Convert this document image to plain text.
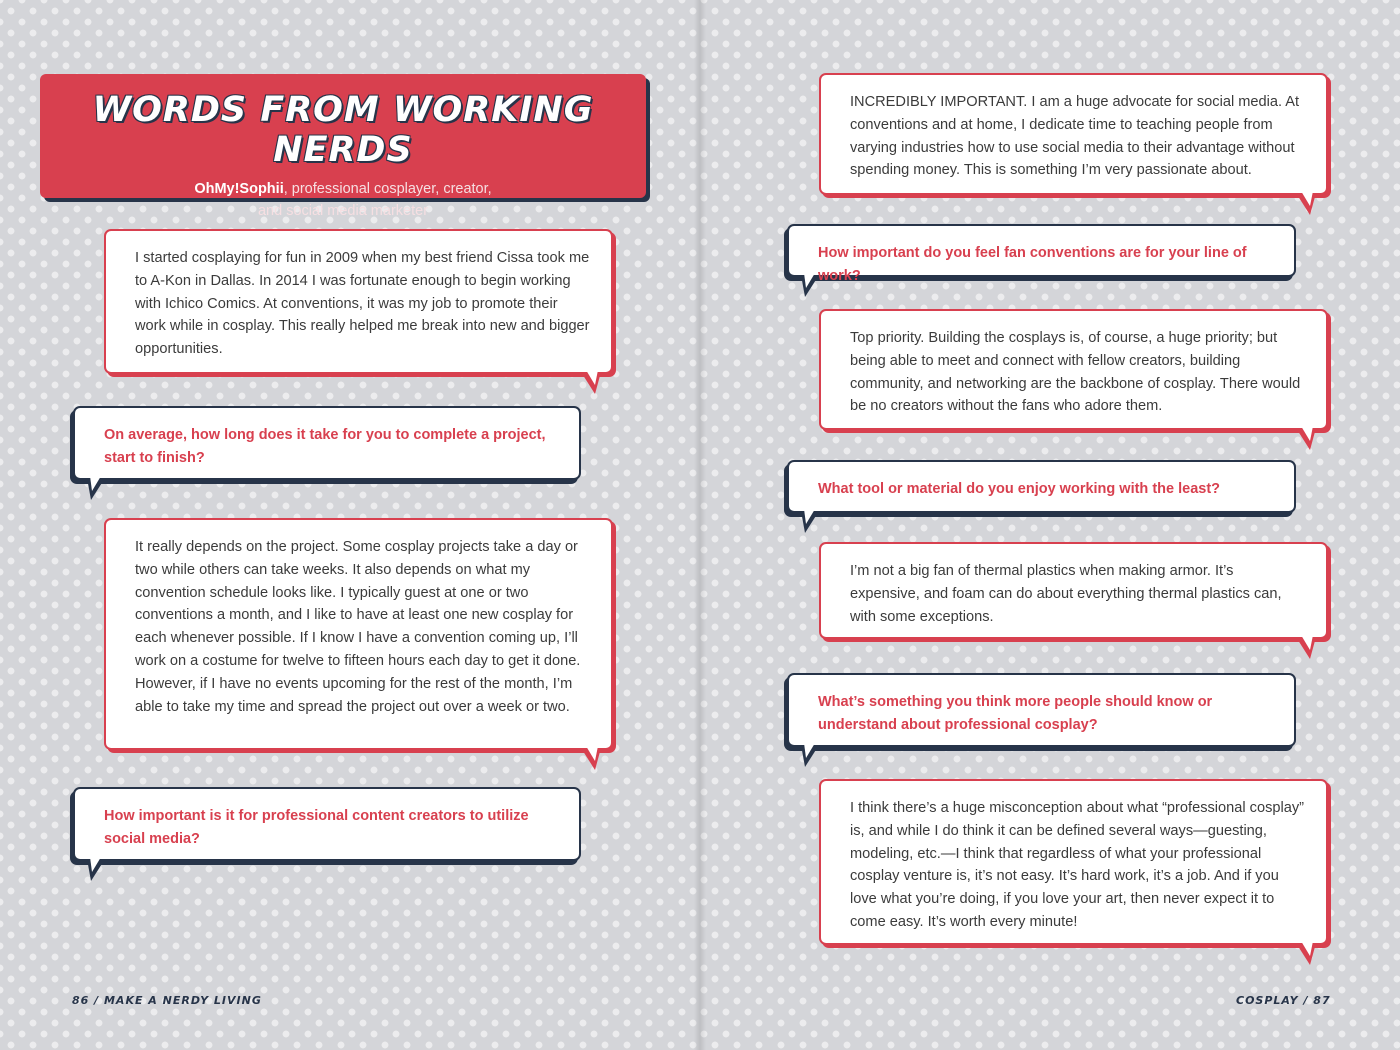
WORDS FROM WORKING NERDS
OhMy!Sophii, professional cosplayer, creator,
and social media marketer
I started cosplaying for fun in 2009 when my best friend Cissa took me to A-Kon in Dallas. In 2014 I was fortunate enough to begin working with Ichico Comics. At conventions, it was my job to promote their work while in cosplay. This really helped me break into new and bigger opportunities.
On average, how long does it take for you to complete a project, start to finish?
It really depends on the project. Some cosplay projects take a day or two while others can take weeks. It also depends on what my convention schedule looks like. I typically guest at one or two conventions a month, and I like to have at least one new cosplay for each whenever possible. If I know I have a convention coming up, I’ll work on a costume for twelve to fifteen hours each day to get it done. However, if I have no events upcoming for the rest of the month, I’m able to take my time and spread the project out over a week or two.
How important is it for professional content creators to utilize social media?
86 / MAKE A NERDY LIVING
INCREDIBLY IMPORTANT. I am a huge advocate for social media. At conventions and at home, I dedicate time to teaching people from varying industries how to use social media to their advantage without spending money. This is something I’m very passionate about.
How important do you feel fan conventions are for your line of work?
Top priority. Building the cosplays is, of course, a huge priority; but being able to meet and connect with fellow creators, building community, and networking are the backbone of cosplay. There would be no creators without the fans who adore them.
What tool or material do you enjoy working with the least?
I’m not a big fan of thermal plastics when making armor. It’s expensive, and foam can do about everything thermal plastics can, with some exceptions.
What’s something you think more people should know or understand about professional cosplay?
I think there’s a huge misconception about what “professional cosplay” is, and while I do think it can be defined several ways—guesting, modeling, etc.—I think that regardless of what your professional cosplay venture is, it’s not easy. It’s hard work, it’s a job. And if you love what you’re doing, if you love your art, then never expect it to come easy. It’s worth every minute!
COSPLAY / 87
